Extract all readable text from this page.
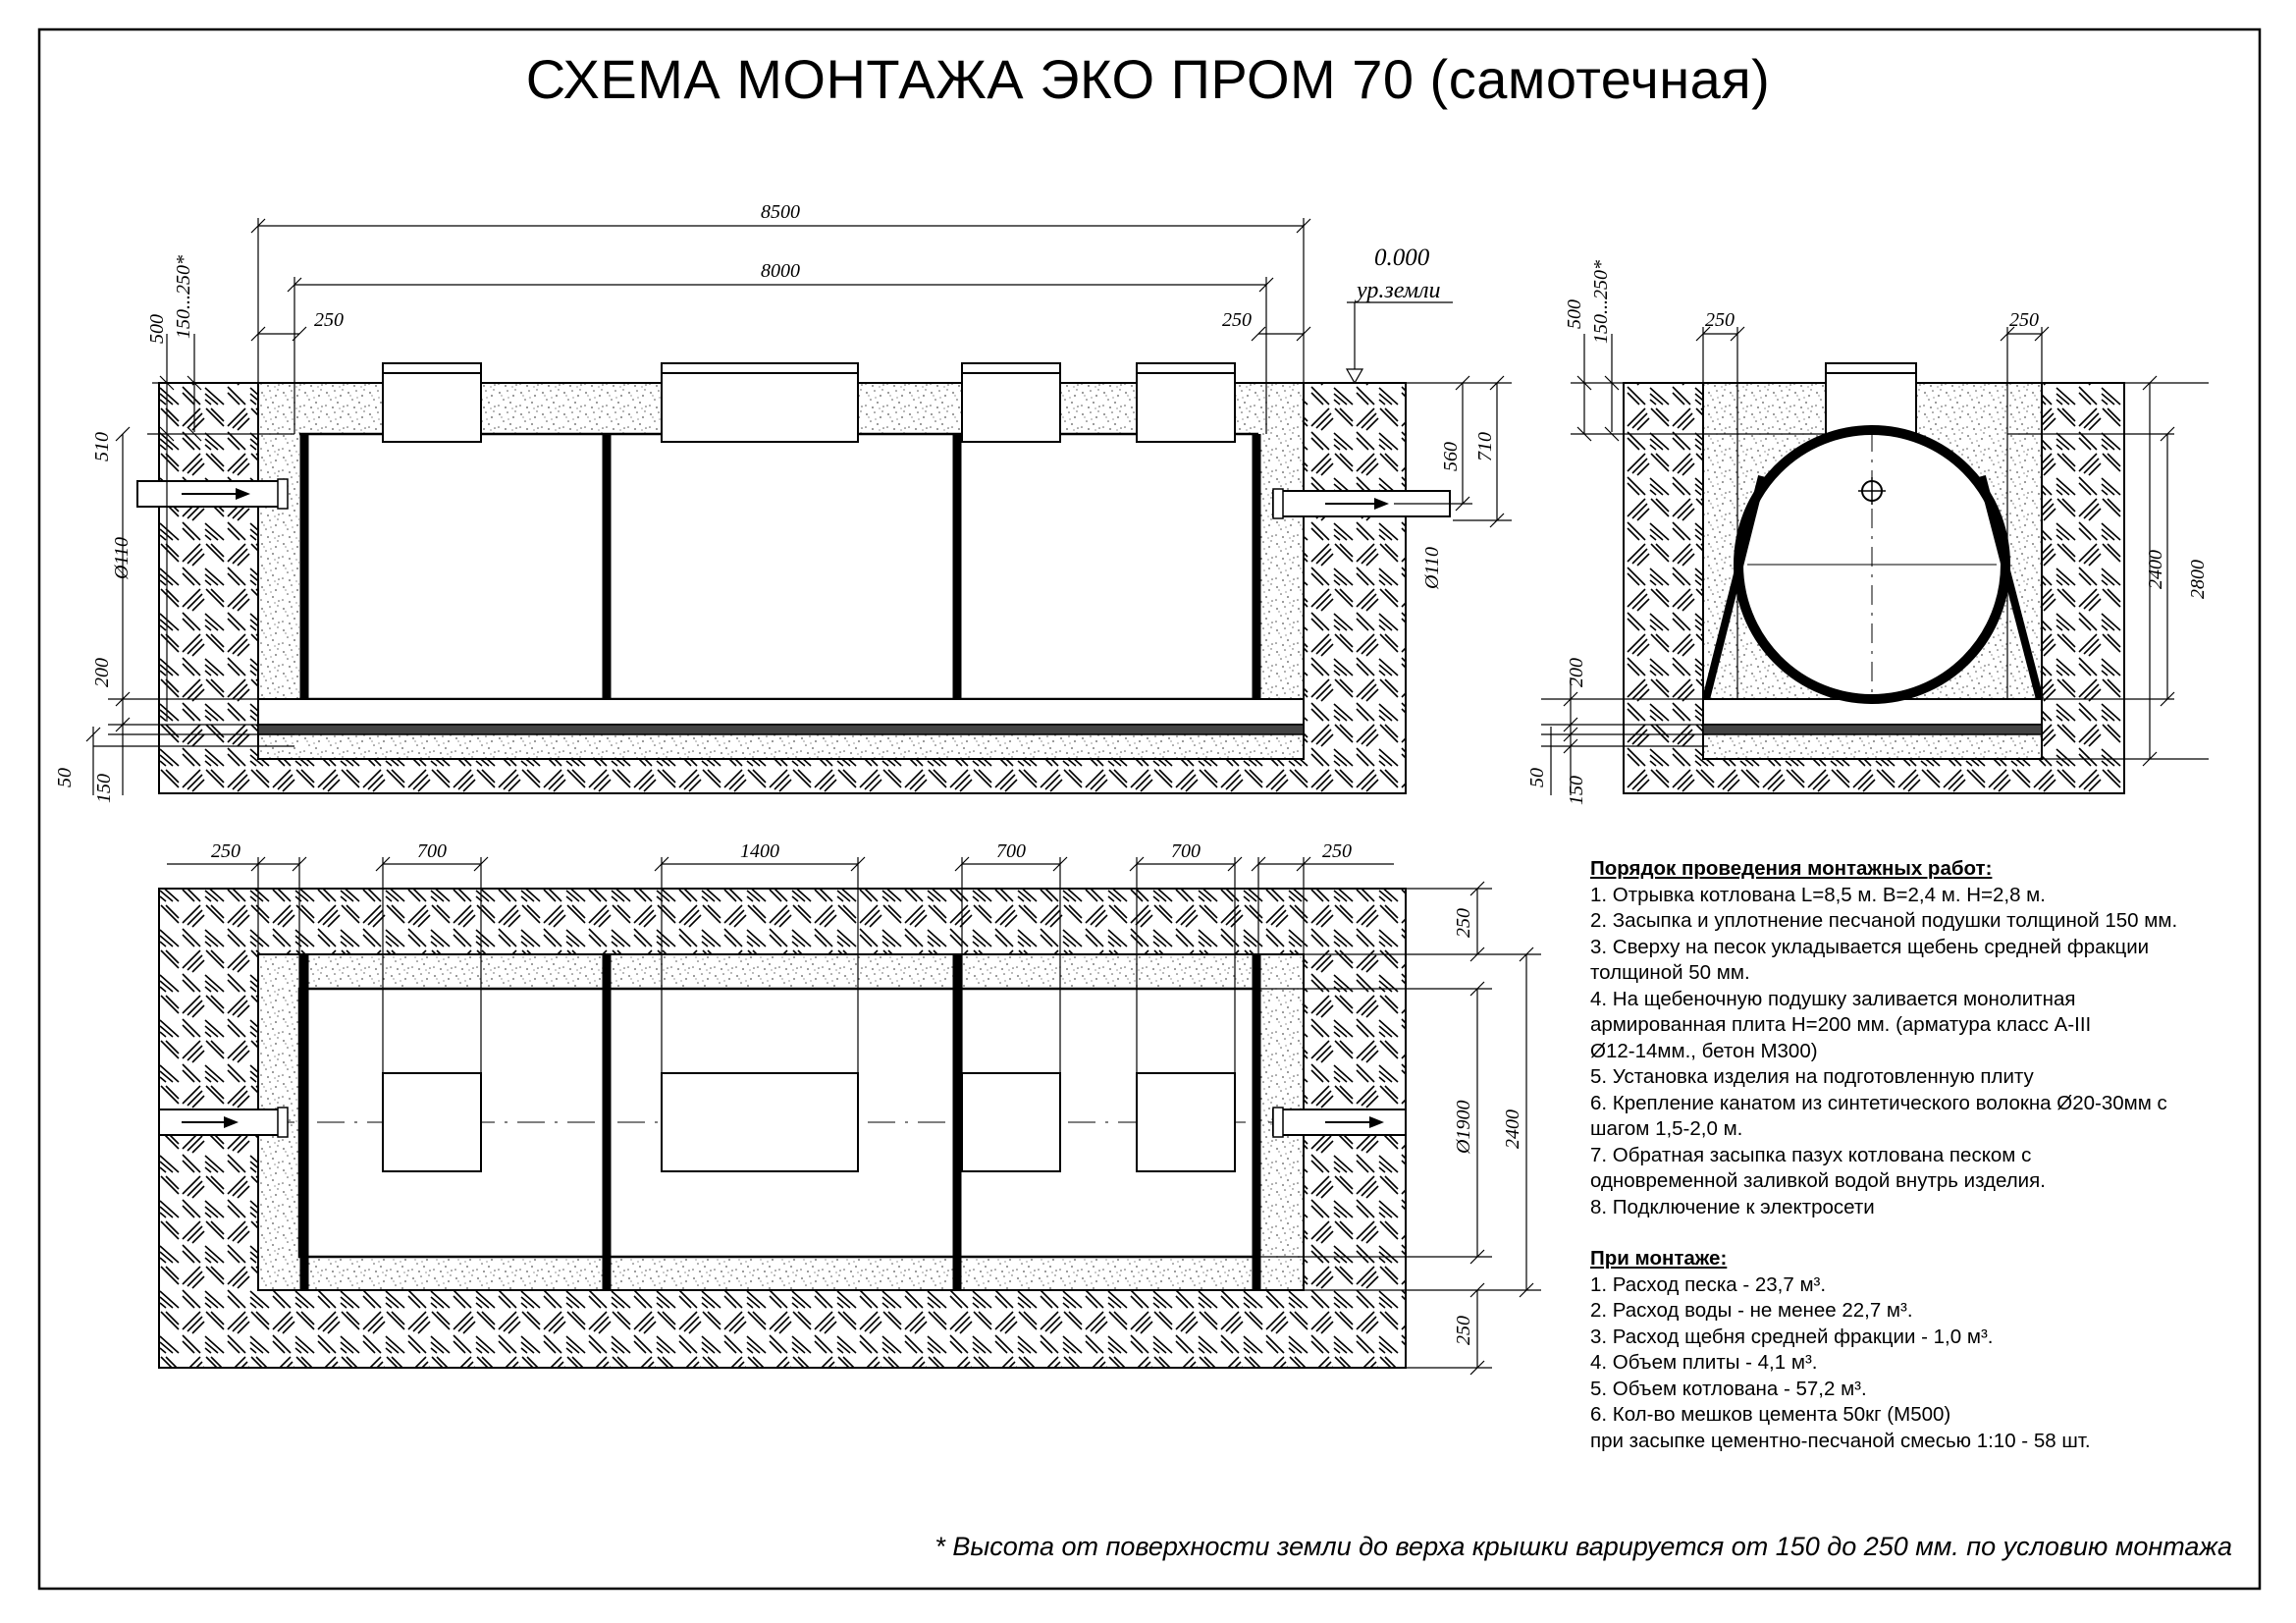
8500
8000
250	250
0.000
ур.земли
500 150...250*
510
Ø110
200
50 150
560 710
Ø110
250	250
500 150...250*
2400 2800
200
50 150
250	700	1400	700	700	250
250
Ø1900 2400
250
СХЕМА МОНТАЖА ЭКО ПРОМ 70 (самотечная)
Порядок проведения монтажных работ:
1. Отрывка котлована L=8,5 м. В=2,4 м. Н=2,8 м.
2. Засыпка и уплотнение песчаной подушки толщиной 150 мм.
3. Сверху на песок укладывается щебень средней фракции
толщиной 50 мм.
4. На щебеночную подушку заливается монолитная
армированная плита Н=200 мм. (арматура класс А-III
Ø12-14мм., бетон М300)
5. Установка изделия на подготовленную плиту
6. Крепление канатом из синтетического волокна Ø20-30мм с
шагом 1,5-2,0 м.
7. Обратная засыпка пазух котлована песком с
одновременной заливкой водой внутрь изделия.
8. Подключение к электросети
При монтаже:
1. Расход песка - 23,7 м³.
2. Расход воды - не менее 22,7 м³.
3. Расход щебня средней фракции - 1,0 м³.
4. Объем плиты - 4,1 м³.
5. Объем котлована - 57,2 м³.
6. Кол-во мешков цемента 50кг (М500)
при засыпке цементно-песчаной смесью 1:10 - 58 шт.
* Высота от поверхности земли до верха крышки варируется от 150 до 250 мм. по условию монтажа
